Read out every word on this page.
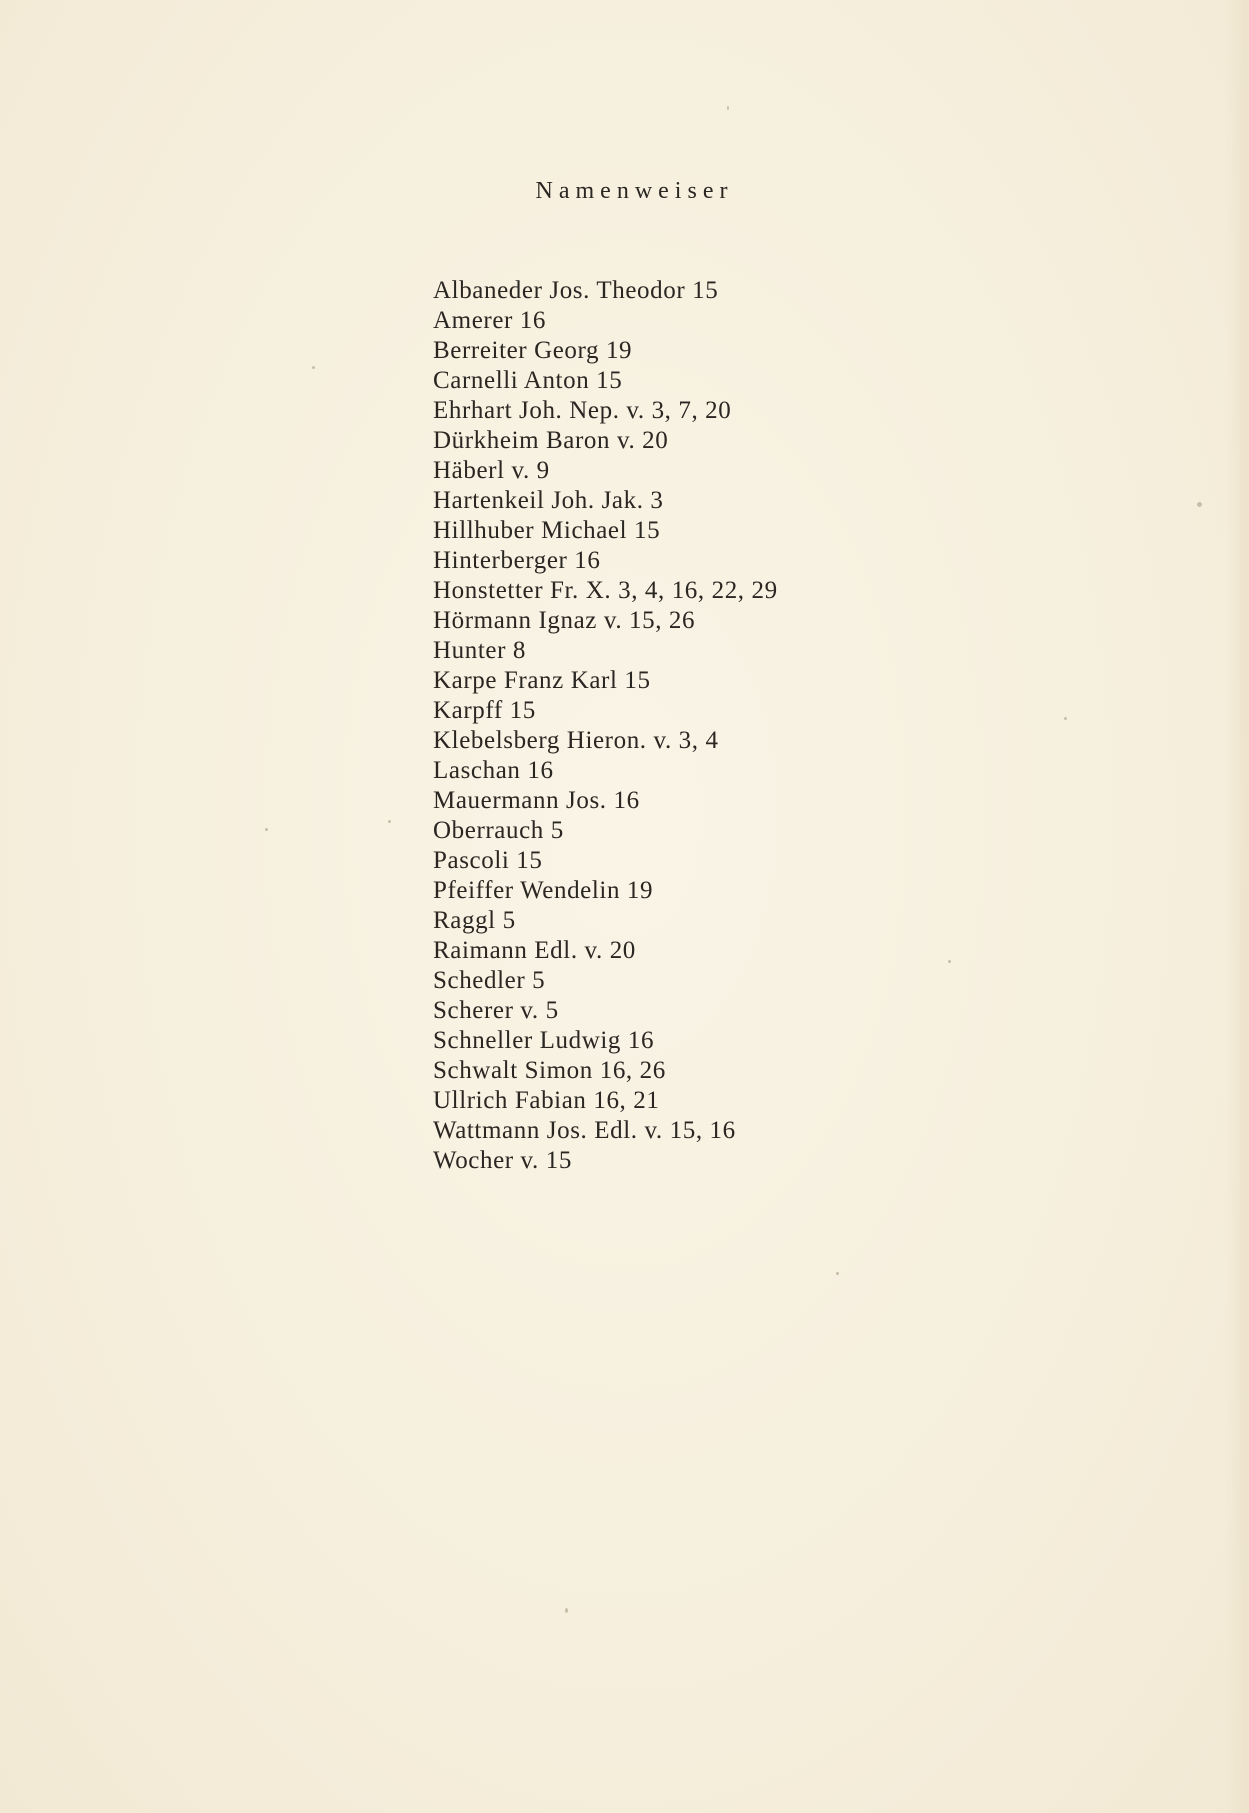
Namenweiser
Albaneder Jos. Theodor 15
Amerer 16
Berreiter Georg 19
Carnelli Anton 15
Ehrhart Joh. Nep. v. 3, 7, 20
Dürkheim Baron v. 20
Häberl v. 9
Hartenkeil Joh. Jak. 3
Hillhuber Michael 15
Hinterberger 16
Honstetter Fr. X. 3, 4, 16, 22, 29
Hörmann Ignaz v. 15, 26
Hunter 8
Karpe Franz Karl 15
Karpff 15
Klebelsberg Hieron. v. 3, 4
Laschan 16
Mauermann Jos. 16
Oberrauch 5
Pascoli 15
Pfeiffer Wendelin 19
Raggl 5
Raimann Edl. v. 20
Schedler 5
Scherer v. 5
Schneller Ludwig 16
Schwalt Simon 16, 26
Ullrich Fabian 16, 21
Wattmann Jos. Edl. v. 15, 16
Wocher v. 15
